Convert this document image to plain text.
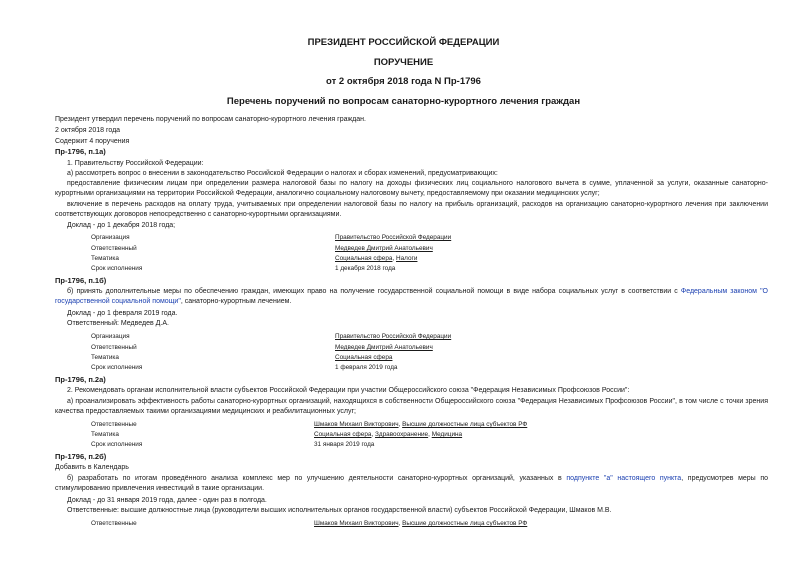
ПРЕЗИДЕНТ РОССИЙСКОЙ ФЕДЕРАЦИИ
ПОРУЧЕНИЕ
от 2 октября 2018 года N Пр-1796
Перечень поручений по вопросам санаторно-курортного лечения граждан
Президент утвердил перечень поручений по вопросам санаторно-курортного лечения граждан.
2 октября 2018 года
Содержит 4 поручения
Пр-1796, п.1а)
1. Правительству Российской Федерации:
а) рассмотреть вопрос о внесении в законодательство Российской Федерации о налогах и сборах изменений, предусматривающих:
предоставление физическим лицам при определении размера налоговой базы по налогу на доходы физических лиц социального налогового вычета в сумме, уплаченной за услуги, оказанные санаторно-курортными организациями на территории Российской Федерации, аналогично социальному налоговому вычету, предоставляемому при оказании медицинских услуг;
включение в перечень расходов на оплату труда, учитываемых при определении налоговой базы по налогу на прибыль организаций, расходов на организацию санаторно-курортного лечения при заключении соответствующих договоров непосредственно с санаторно-курортными организациями.
Доклад - до 1 декабря 2018 года;
Организация	Правительство Российской Федерации
Ответственный	Медведев Дмитрий Анатольевич
Тематика	Социальная сфера, Налоги
Срок исполнения	1 декабря 2018 года
Пр-1796, п.1б)
б) принять дополнительные меры по обеспечению граждан, имеющих право на получение государственной социальной помощи в виде набора социальных услуг в соответствии с Федеральным законом "О государственной социальной помощи", санаторно-курортным лечением.
Доклад - до 1 февраля 2019 года.
Ответственный: Медведев Д.А.
Организация	Правительство Российской Федерации
Ответственный	Медведев Дмитрий Анатольевич
Тематика	Социальная сфера
Срок исполнения	1 февраля 2019 года
Пр-1796, п.2а)
2. Рекомендовать органам исполнительной власти субъектов Российской Федерации при участии Общероссийского союза "Федерация Независимых Профсоюзов России":
а) проанализировать эффективность работы санаторно-курортных организаций, находящихся в собственности Общероссийского союза "Федерация Независимых Профсоюзов России", в том числе с точки зрения качества предоставляемых такими организациями медицинских и реабилитационных услуг;
Ответственные	Шмаков Михаил Викторович, Высшие должностные лица субъектов РФ
Тематика	Социальная сфера, Здравоохранение, Медицина
Срок исполнения	31 января 2019 года
Пр-1796, п.2б)
Добавить в Календарь
б) разработать по итогам проведённого анализа комплекс мер по улучшению деятельности санаторно-курортных организаций, указанных в подпункте "а" настоящего пункта, предусмотрев меры по стимулированию привлечения инвестиций в такие организации.
Доклад - до 31 января 2019 года, далее - один раз в полгода.
Ответственные: высшие должностные лица (руководители высших исполнительных органов государственной власти) субъектов Российской Федерации, Шмаков М.В.
Ответственные	Шмаков Михаил Викторович, Высшие должностные лица субъектов РФ
